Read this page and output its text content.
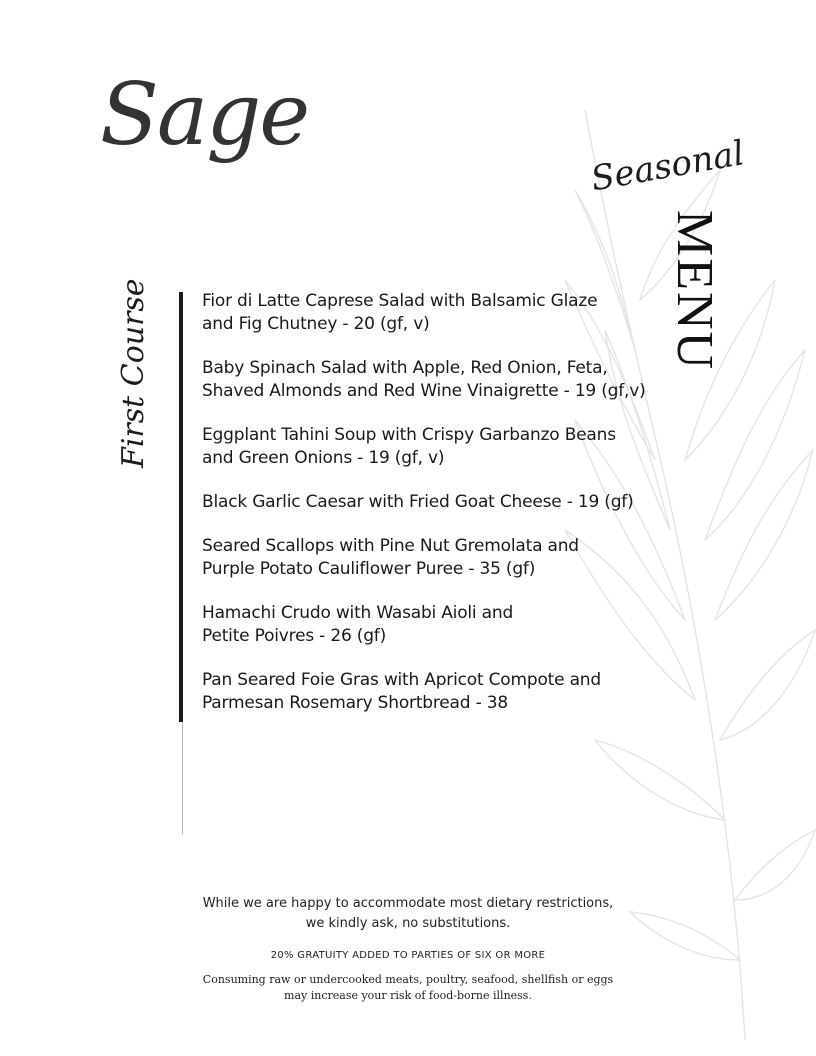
Sage
Seasonal
MENU
First Course	Fior di Latte Caprese Salad with Balsamic Glaze
and Fig Chutney - 20 (gf, v)
Baby Spinach Salad with Apple, Red Onion, Feta,
Shaved Almonds and Red Wine Vinaigrette - 19 (gf,v)
Eggplant Tahini Soup with Crispy Garbanzo Beans
and Green Onions - 19 (gf, v)
Black Garlic Caesar with Fried Goat Cheese - 19 (gf)
Seared Scallops with Pine Nut Gremolata and
Purple Potato Cauliflower Puree - 35 (gf)
Hamachi Crudo with Wasabi Aioli and
Petite Poivres - 26 (gf)
Pan Seared Foie Gras with Apricot Compote and
Parmesan Rosemary Shortbread - 38
While we are happy to accommodate most dietary restrictions,
we kindly ask, no substitutions.
20% GRATUITY ADDED TO PARTIES OF SIX OR MORE
Consuming raw or undercooked meats, poultry, seafood, shellfish or eggs
may increase your risk of food-borne illness.
